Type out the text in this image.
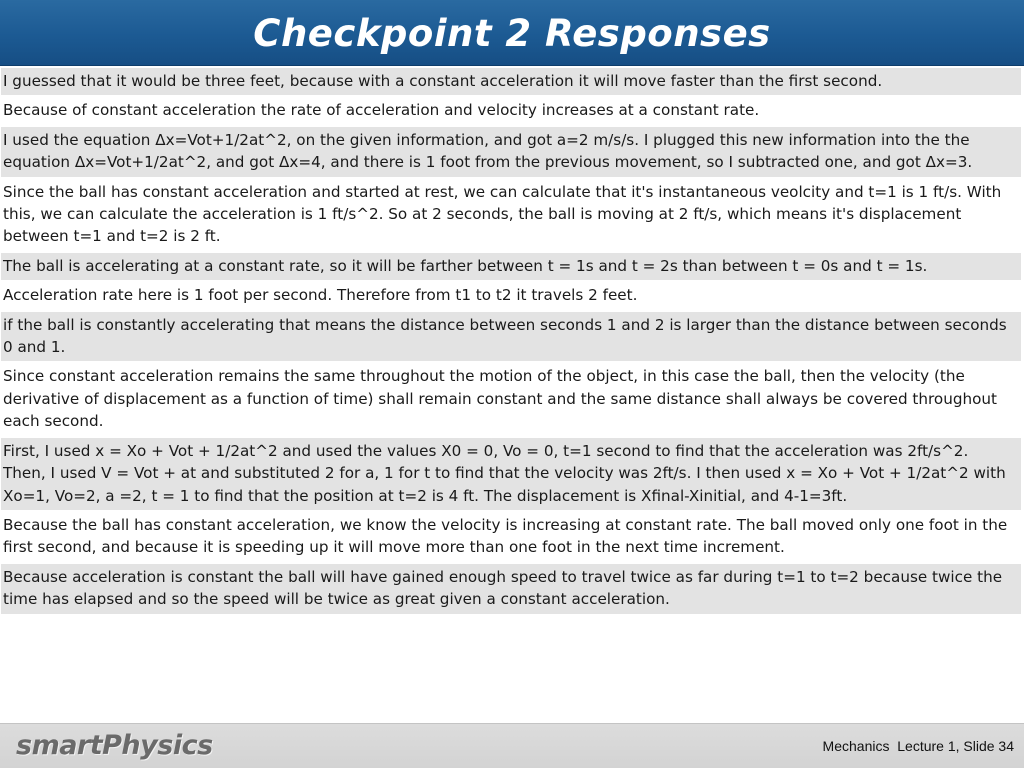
Checkpoint 2 Responses
I guessed that it would be three feet, because with a constant acceleration it will move faster than the first second.
Because of constant acceleration the rate of acceleration and velocity increases at a constant rate.
I used the equation Δx=Vot+1/2at^2, on the given information, and got a=2 m/s/s. I plugged this new information into the the equation Δx=Vot+1/2at^2, and got Δx=4, and there is 1 foot from the previous movement, so I subtracted one, and got Δx=3.
Since the ball has constant acceleration and started at rest, we can calculate that it's instantaneous veolcity and t=1 is 1 ft/s. With this, we can calculate the acceleration is 1 ft/s^2. So at 2 seconds, the ball is moving at 2 ft/s, which means it's displacement between t=1 and t=2 is 2 ft.
The ball is accelerating at a constant rate, so it will be farther between t = 1s and t = 2s than between t = 0s and t = 1s.
Acceleration rate here is 1 foot per second. Therefore from t1 to t2 it travels 2 feet.
if the ball is constantly accelerating that means the distance between seconds 1 and 2 is larger than the distance between seconds 0 and 1.
Since constant acceleration remains the same throughout the motion of the object, in this case the ball, then the velocity (the derivative of displacement as a function of time) shall remain constant and the same distance shall always be covered throughout each second.
First, I used x = Xo + Vot + 1/2at^2 and used the values X0 = 0, Vo = 0, t=1 second to find that the acceleration was 2ft/s^2. Then, I used V = Vot + at and substituted 2 for a, 1 for t to find that the velocity was 2ft/s. I then used x = Xo + Vot + 1/2at^2 with Xo=1, Vo=2, a =2, t = 1 to find that the position at t=2 is 4 ft. The displacement is Xfinal-Xinitial, and 4-1=3ft.
Because the ball has constant acceleration, we know the velocity is increasing at constant rate. The ball moved only one foot in the first second, and because it is speeding up it will move more than one foot in the next time increment.
Because acceleration is constant the ball will have gained enough speed to travel twice as far during t=1 to t=2 because twice the time has elapsed and so the speed will be twice as great given a constant acceleration.
smartPhysics	Mechanics  Lecture 1, Slide 34
